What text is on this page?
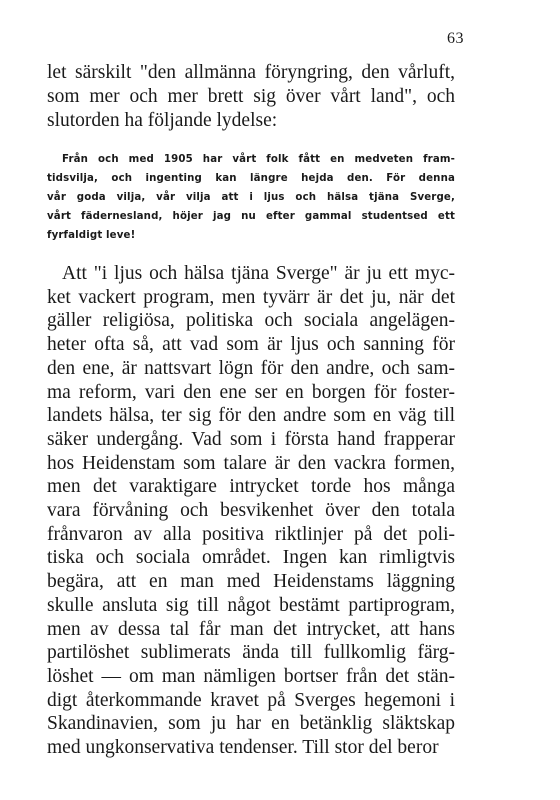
63
let särskilt "den allmänna föryngring, den vårluft,
som mer och mer brett sig över vårt land", och
slutorden ha följande lydelse:
Från och med 1905 har vårt folk fått en medveten fram-
tidsvilja, och ingenting kan längre hejda den. För denna
vår goda vilja, vår vilja att i ljus och hälsa tjäna Sverge,
vårt fädernesland, höjer jag nu efter gammal studentsed ett
fyrfaldigt leve!
Att "i ljus och hälsa tjäna Sverge" är ju ett myc-
ket vackert program, men tyvärr är det ju, när det
gäller religiösa, politiska och sociala angelägen-
heter ofta så, att vad som är ljus och sanning för
den ene, är nattsvart lögn för den andre, och sam-
ma reform, vari den ene ser en borgen för foster-
landets hälsa, ter sig för den andre som en väg till
säker undergång. Vad som i första hand frapperar
hos Heidenstam som talare är den vackra formen,
men det varaktigare intrycket torde hos många
vara förvåning och besvikenhet över den totala
frånvaron av alla positiva riktlinjer på det poli-
tiska och sociala området. Ingen kan rimligtvis
begära, att en man med Heidenstams läggning
skulle ansluta sig till något bestämt partiprogram,
men av dessa tal får man det intrycket, att hans
partilöshet sublimerats ända till fullkomlig färg-
löshet — om man nämligen bortser från det stän-
digt återkommande kravet på Sverges hegemoni i
Skandinavien, som ju har en betänklig släktskap
med ungkonservativa tendenser. Till stor del beror
